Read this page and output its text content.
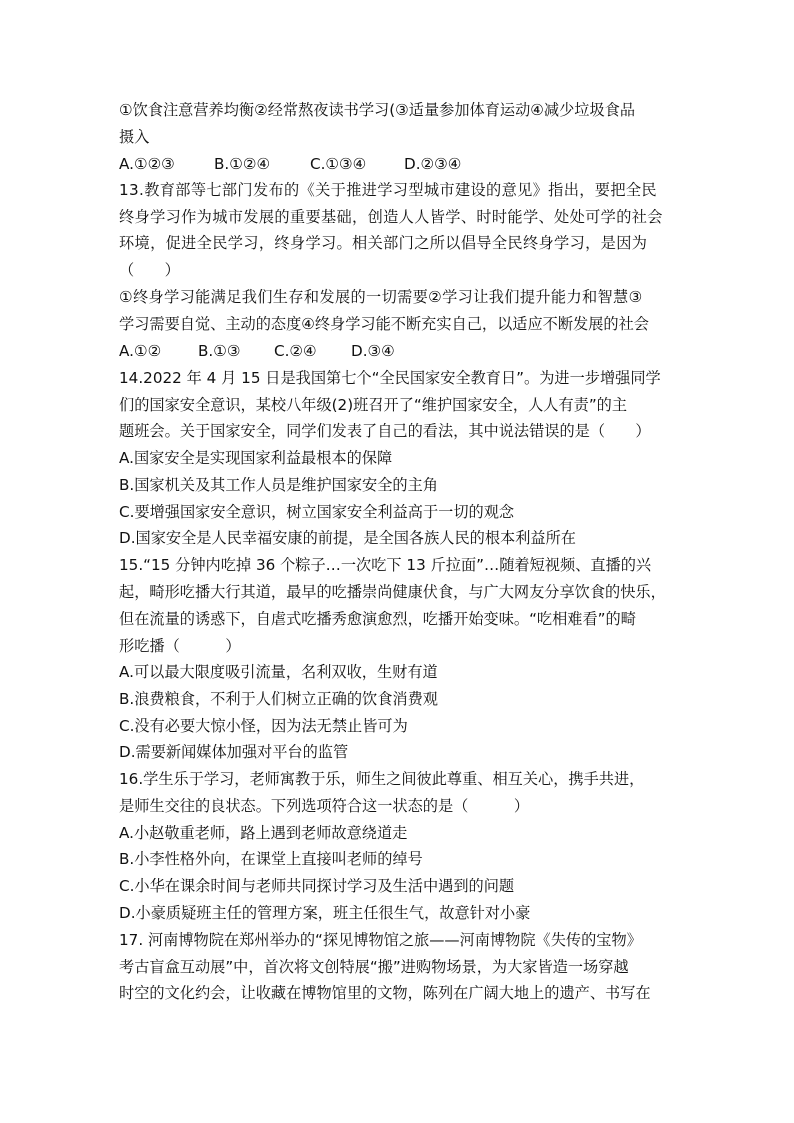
①饮食注意营养均衡②经常熬夜读书学习(③适量参加体育运动④减少垃圾食品
摄入
A.①②③	B.①②④	C.①③④ D.②③④
13.教育部等七部门发布的《关于推进学习型城市建设的意见》指出，要把全民
终身学习作为城市发展的重要基础，创造人人皆学、时时能学、处处可学的社会
环境，促进全民学习，终身学习。相关部门之所以倡导全民终身学习，是因为
（　　）
①终身学习能满足我们生存和发展的一切需要②学习让我们提升能力和智慧③
学习需要自觉、主动的态度④终身学习能不断充实自己，以适应不断发展的社会
A.①② B.①③ C.②④ D.③④
14.2022 年 4 月 15 日是我国第七个“全民国家安全教育日”。为进一步增强同学
们的国家安全意识，某校八年级(2)班召开了“维护国家安全，人人有责”的主
题班会。关于国家安全，同学们发表了自己的看法，其中说法错误的是（　　）
A.国家安全是实现国家利益最根本的保障
B.国家机关及其工作人员是维护国家安全的主角
C.要增强国家安全意识，树立国家安全利益高于一切的观念
D.国家安全是人民幸福安康的前提，是全国各族人民的根本利益所在
15.“15 分钟内吃掉 36 个粽子…一次吃下 13 斤拉面”…随着短视频、直播的兴
起，畸形吃播大行其道，最早的吃播崇尚健康伏食，与广大网友分享饮食的快乐，
但在流量的诱惑下，自虐式吃播秀愈演愈烈，吃播开始变味。“吃相难看”的畸
形吃播（　　　）
A.可以最大限度吸引流量，名利双收，生财有道
B.浪费粮食，不利于人们树立正确的饮食消费观
C.没有必要大惊小怪，因为法无禁止皆可为
D.需要新闻媒体加强对平台的监管
16.学生乐于学习，老师寓教于乐，师生之间彼此尊重、相互关心，携手共进，
是师生交往的良状态。下列选项符合这一状态的是（　　　）
A.小赵敬重老师，路上遇到老师故意绕道走
B.小李性格外向，在课堂上直接叫老师的绰号
C.小华在课余时间与老师共同探讨学习及生活中遇到的问题
D.小豪质疑班主任的管理方案，班主任很生气，故意针对小豪
17. 河南博物院在郑州举办的“探见博物馆之旅——河南博物院《失传的宝物》
考古盲盒互动展”中，首次将文创特展“搬”进购物场景，为大家皆造一场穿越
时空的文化约会，让收藏在博物馆里的文物，陈列在广阔大地上的遗产、书写在
